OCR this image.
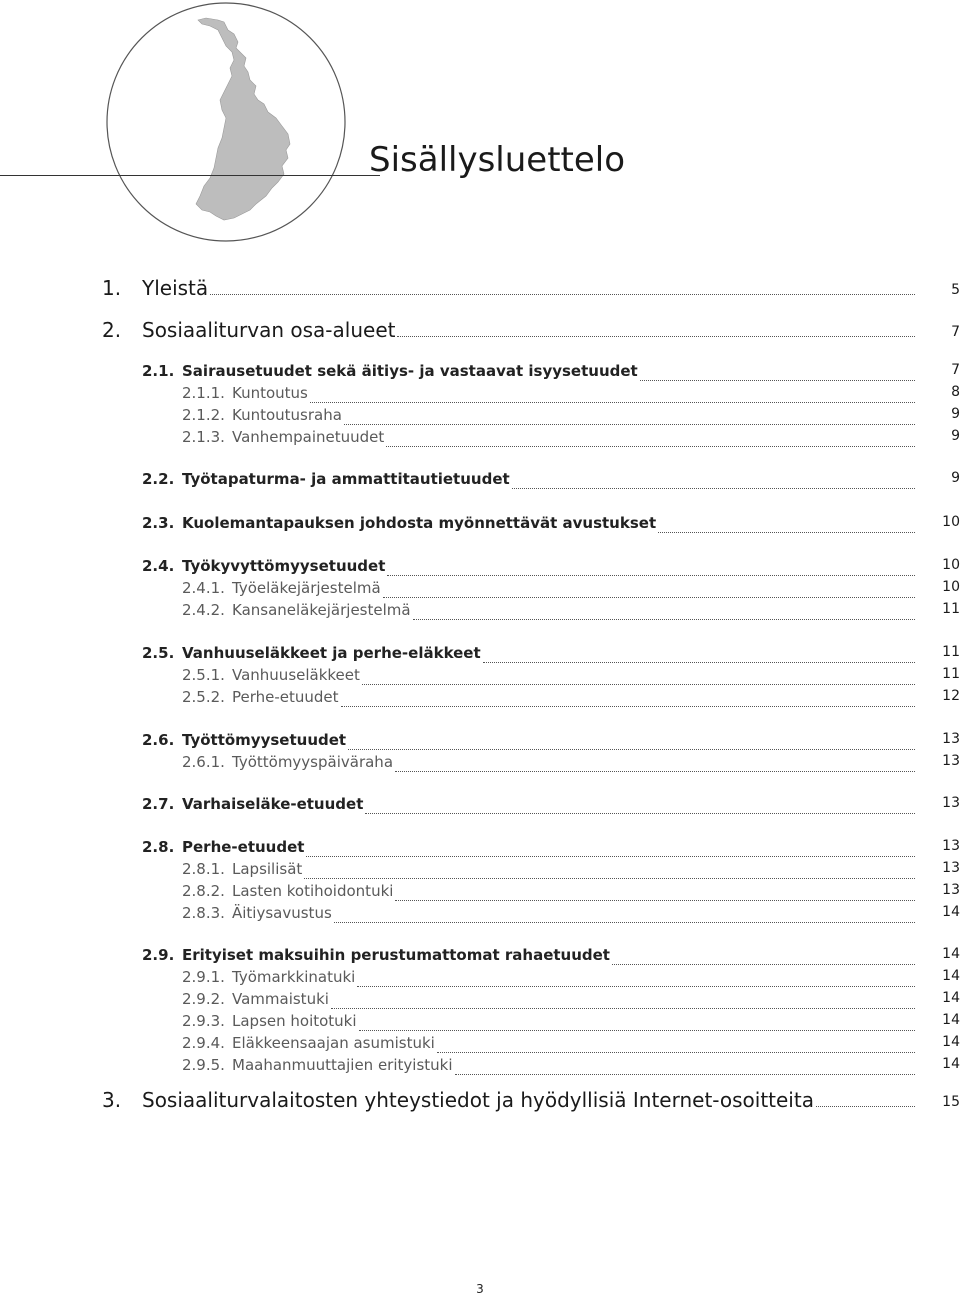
Sisällysluettelo
1. Yleistä	5
2. Sosiaaliturvan osa-alueet	7
2.1. Sairausetuudet sekä äitiys- ja vastaavat isyysetuudet	7
2.1.1. Kuntoutus	8
2.1.2. Kuntoutusraha	9
2.1.3. Vanhempainetuudet	9
2.2. Työtapaturma- ja ammattitautietuudet	9
2.3. Kuolemantapauksen johdosta myönnettävät avustukset	10
2.4. Työkyvyttömyysetuudet	10
2.4.1. Työeläkejärjestelmä	10
2.4.2. Kansaneläkejärjestelmä	11
2.5. Vanhuuseläkkeet ja perhe-eläkkeet	11
2.5.1. Vanhuuseläkkeet	11
2.5.2. Perhe-etuudet	12
2.6. Työttömyysetuudet	13
2.6.1. Työttömyyspäiväraha	13
2.7. Varhaiseläke-etuudet	13
2.8. Perhe-etuudet	13
2.8.1. Lapsilisät	13
2.8.2. Lasten kotihoidontuki	13
2.8.3. Äitiysavustus	14
2.9. Erityiset maksuihin perustumattomat rahaetuudet	14
2.9.1. Työmarkkinatuki	14
2.9.2. Vammaistuki	14
2.9.3. Lapsen hoitotuki	14
2.9.4. Eläkkeensaajan asumistuki	14
2.9.5. Maahanmuuttajien erityistuki	14
3. Sosiaaliturvalaitosten yhteystiedot ja hyödyllisiä Internet-osoitteita	15
3
